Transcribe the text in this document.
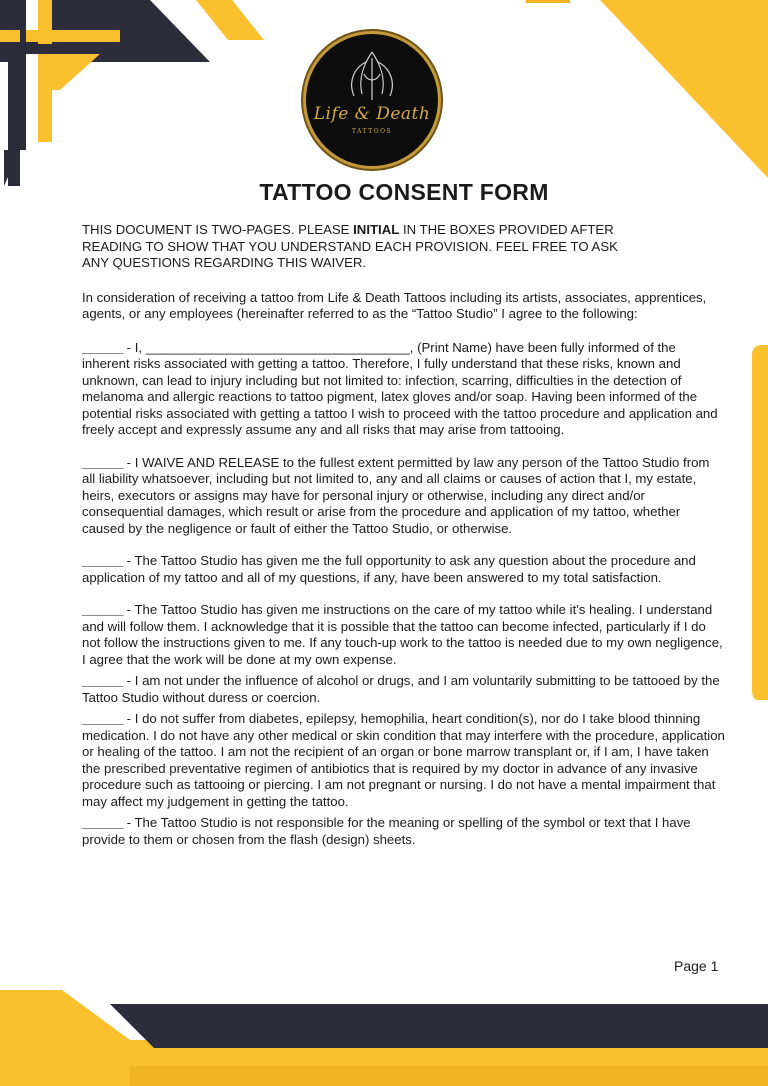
Life & Death
TATTOOS
TATTOO CONSENT FORM

THIS DOCUMENT IS TWO-PAGES. PLEASE INITIAL IN THE BOXES PROVIDED AFTER READING TO SHOW THAT YOU UNDERSTAND EACH PROVISION. FEEL FREE TO ASK ANY QUESTIONS REGARDING THIS WAIVER.

In consideration of receiving a tattoo from Life & Death Tattoos including its artists, associates, apprentices, agents, or any employees (hereinafter referred to as the “Tattoo Studio” I agree to the following:

______ - I, ____________________________________, (Print Name) have been fully informed of the inherent risks associated with getting a tattoo. Therefore, I fully understand that these risks, known and unknown, can lead to injury including but not limited to: infection, scarring, difficulties in the detection of melanoma and allergic reactions to tattoo pigment, latex gloves and/or soap. Having been informed of the potential risks associated with getting a tattoo I wish to proceed with the tattoo procedure and application and freely accept and expressly assume any and all risks that may arise from tattooing.

______ - I WAIVE AND RELEASE to the fullest extent permitted by law any person of the Tattoo Studio from all liability whatsoever, including but not limited to, any and all claims or causes of action that I, my estate, heirs, executors or assigns may have for personal injury or otherwise, including any direct and/or consequential damages, which result or arise from the procedure and application of my tattoo, whether caused by the negligence or fault of either the Tattoo Studio, or otherwise.

______ - The Tattoo Studio has given me the full opportunity to ask any question about the procedure and application of my tattoo and all of my questions, if any, have been answered to my total satisfaction.

______ - The Tattoo Studio has given me instructions on the care of my tattoo while it's healing. I understand and will follow them. I acknowledge that it is possible that the tattoo can become infected, particularly if I do not follow the instructions given to me. If any touch-up work to the tattoo is needed due to my own negligence, I agree that the work will be done at my own expense.

______ - I am not under the influence of alcohol or drugs, and I am voluntarily submitting to be tattooed by the Tattoo Studio without duress or coercion.

______ - I do not suffer from diabetes, epilepsy, hemophilia, heart condition(s), nor do I take blood thinning medication. I do not have any other medical or skin condition that may interfere with the procedure, application or healing of the tattoo. I am not the recipient of an organ or bone marrow transplant or, if I am, I have taken the prescribed preventative regimen of antibiotics that is required by my doctor in advance of any invasive procedure such as tattooing or piercing. I am not pregnant or nursing. I do not have a mental impairment that may affect my judgement in getting the tattoo.

______ - The Tattoo Studio is not responsible for the meaning or spelling of the symbol or text that I have provide to them or chosen from the flash (design) sheets.

Page 1
